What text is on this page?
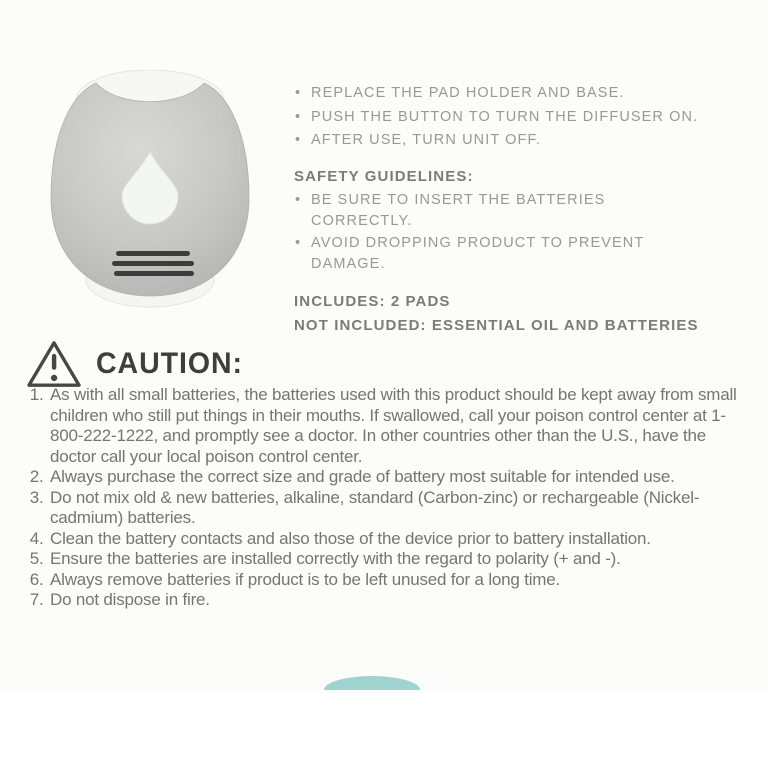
• REPLACE THE PAD HOLDER AND BASE.
• PUSH THE BUTTON TO TURN THE DIFFUSER ON.
• AFTER USE, TURN UNIT OFF.
SAFETY GUIDELINES:
• BE SURE TO INSERT THE BATTERIES CORRECTLY.
• AVOID DROPPING PRODUCT TO PREVENT DAMAGE.
INCLUDES: 2 PADS
NOT INCLUDED: ESSENTIAL OIL AND BATTERIES
CAUTION:
1. As with all small batteries, the batteries used with this product should be kept away from small children who still put things in their mouths. If swallowed, call your poison control center at 1-800-222-1222, and promptly see a doctor. In other countries other than the U.S., have the doctor call your local poison control center.
2. Always purchase the correct size and grade of battery most suitable for intended use.
3. Do not mix old & new batteries, alkaline, standard (Carbon-zinc) or rechargeable (Nickel-cadmium) batteries.
4. Clean the battery contacts and also those of the device prior to battery installation.
5. Ensure the batteries are installed correctly with the regard to polarity (+ and -).
6. Always remove batteries if product is to be left unused for a long time.
7. Do not dispose in fire.
